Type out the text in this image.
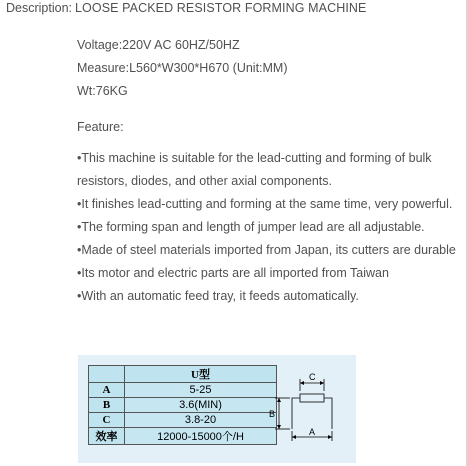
Description: LOOSE PACKED RESISTOR FORMING MACHINE
Voltage:220V AC 60HZ/50HZ
Measure:L560*W300*H670 (Unit:MM)
Wt:76KG
Feature:

•This machine is suitable for the lead-cutting and forming of bulk resistors, diodes, and other axial components.

•It finishes lead-cutting and forming at the same time, very powerful.

•The forming span and length of jumper lead are all adjustable.

•Made of steel materials imported from Japan, its cutters are durable

•Its motor and electric parts are all imported from Taiwan

•With an automatic feed tray, it feeds automatically.

	U型
A	5-25
B	3.6(MIN)
C	3.8-20
效率	12000-15000个/H
C
B
A
